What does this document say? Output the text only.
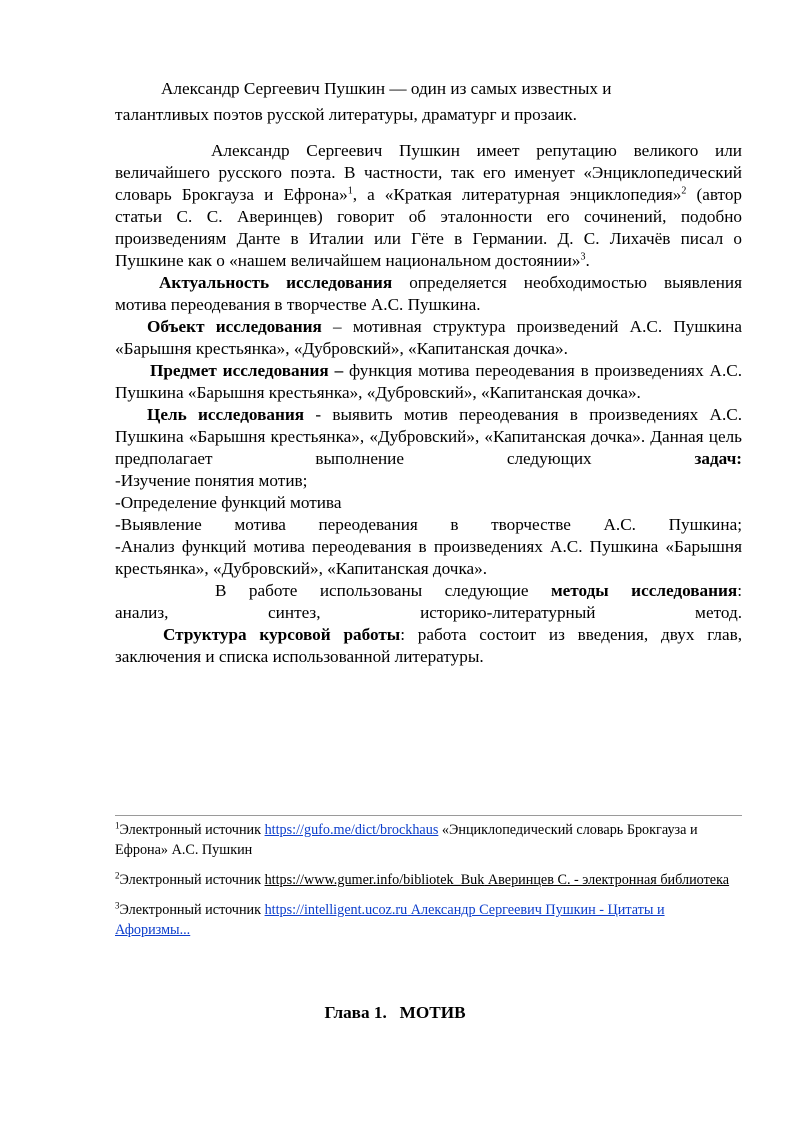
Александр Сергеевич Пушкин — один из самых известных и
талантливых поэтов русской литературы, драматург и прозаик.

Александр Сергеевич Пушкин имеет репутацию великого или величайшего русского поэта. В частности, так его именует «Энциклопедический словарь Брокгауза и Ефрона»$^1$, а «Краткая литературная энциклопедия»$^2$ (автор статьи С. С. Аверинцев) говорит об эталонности его сочинений, подобно произведениям Данте в Италии или Гёте в Германии. Д. С. Лихачёв писал о Пушкине как о «нашем величайшем национальном достоянии»$^3$.

Актуальность исследования определяется необходимостью выявления мотива переодевания в творчестве А.С. Пушкина.

Объект исследования – мотивная структура произведений А.С. Пушкина «Барышня крестьянка», «Дубровский», «Капитанская дочка».

Предмет исследования – функция мотива переодевания в произведениях А.С. Пушкина «Барышня крестьянка», «Дубровский», «Капитанская дочка».

Цель исследования - выявить мотив переодевания в произведениях А.С. Пушкина «Барышня крестьянка», «Дубровский», «Капитанская дочка». Данная цель предполагает выполнение следующих задач:

-Изучение понятия мотив;

-Определение функций мотива

-Выявление мотива переодевания в творчестве А.С. Пушкина;

-Анализ функций мотива переодевания в произведениях А.С. Пушкина «Барышня крестьянка», «Дубровский», «Капитанская дочка».

В работе использованы следующие методы исследования:

анализ, синтез, историко-литературный метод.

Структура курсовой работы: работа состоит из введения, двух глав, заключения и списка использованной литературы.

$^1$Электронный источник https://gufo.me/dict/brockhaus «Энциклопедический словарь Брокгауза и Ефрона» А.С. Пушкин

$^2$Электронный источник https://www.gumer.info/bibliotek_Buk Аверинцев С. - электронная библиотека

$^3$Электронный источник https://intelligent.ucoz.ru Александр Сергеевич Пушкин - Цитаты и Афоризмы...

Глава 1.   МОТИВ
